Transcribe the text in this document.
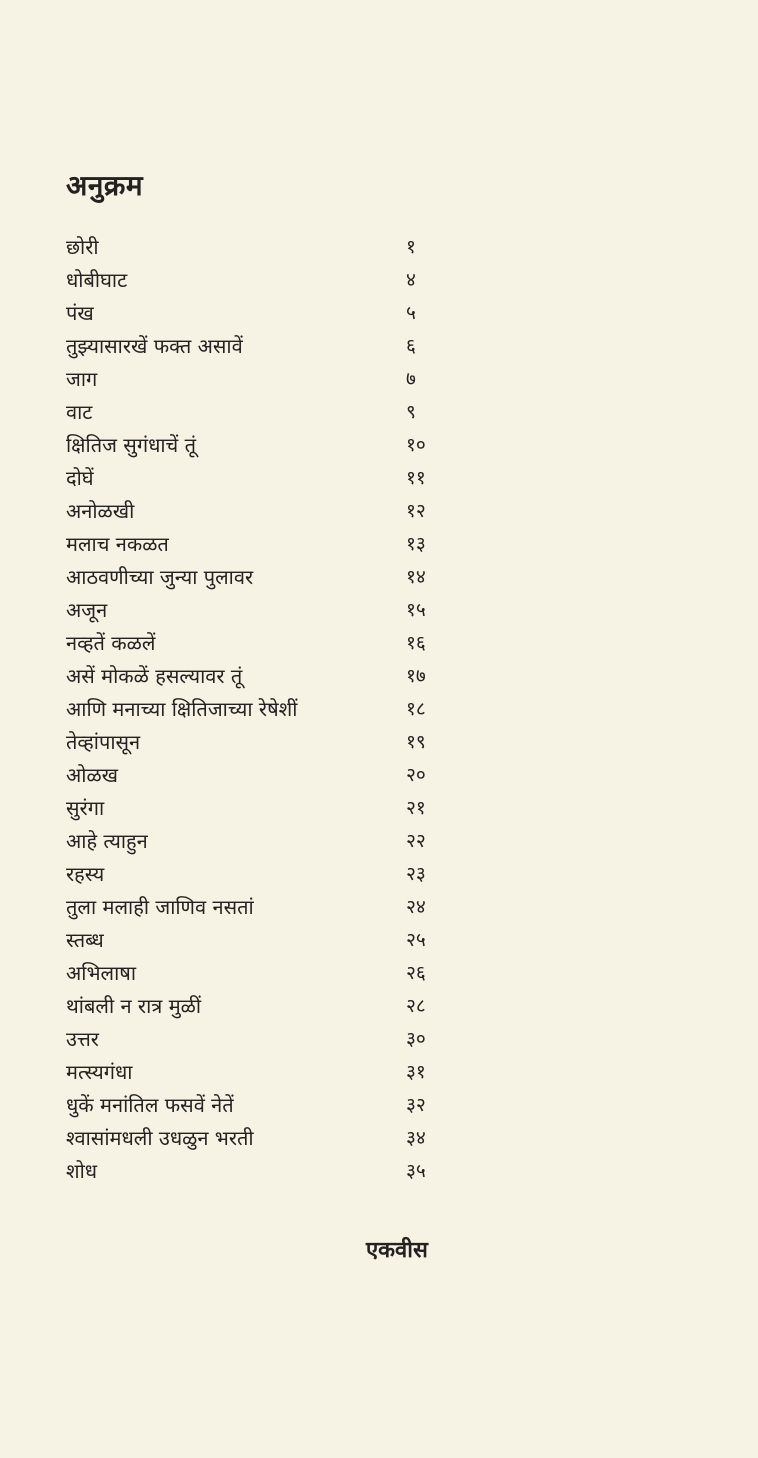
अनुक्रम
छोरी	१
धोबीघाट	४
पंख	५
तुझ्यासारखें फक्त असावें	६
जाग	७
वाट	९
क्षितिज सुगंधाचें तूं	१०
दोघें	११
अनोळखी	१२
मलाच नकळत	१३
आठवणीच्या जुन्या पुलावर	१४
अजून	१५
नव्हतें कळलें	१६
असें मोकळें हसल्यावर तूं	१७
आणि मनाच्या क्षितिजाच्या रेषेशीं	१८
तेव्हांपासून	१९
ओळख	२०
सुरंगा	२१
आहे त्याहुन	२२
रहस्य	२३
तुला मलाही जाणिव नसतां	२४
स्तब्ध	२५
अभिलाषा	२६
थांबली न रात्र मुळीं	२८
उत्तर	३०
मत्स्यगंधा	३१
धुकें मनांतिल फसवें नेतें	३२
श्वासांमधली उधळुन भरती	३४
शोध	३५
एकवीस
